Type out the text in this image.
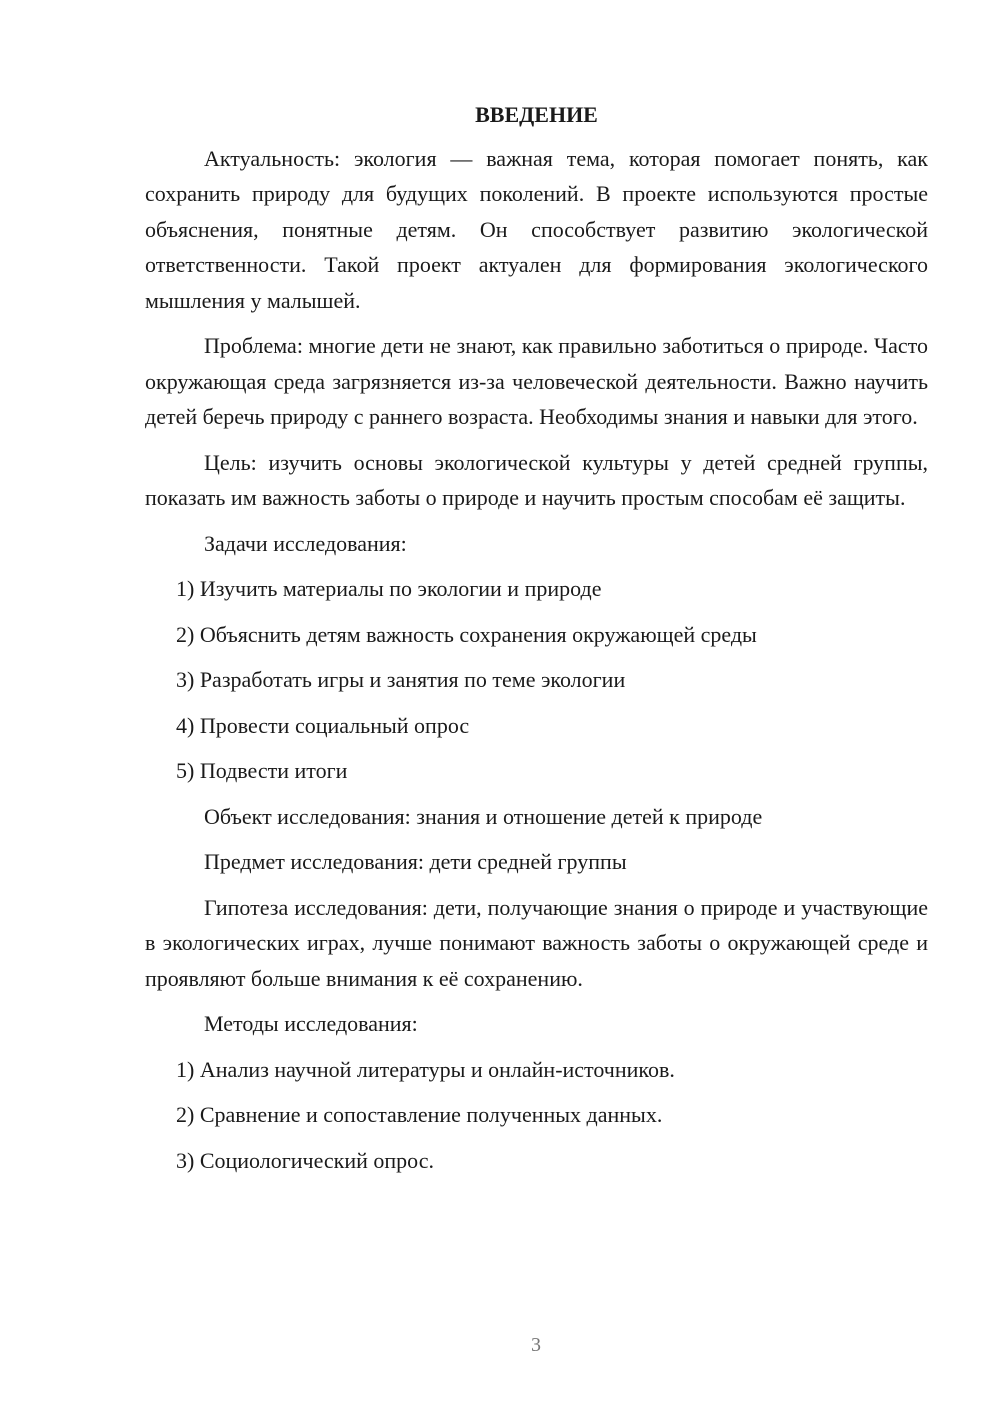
ВВЕДЕНИЕ

Актуальность: экология — важная тема, которая помогает понять, как сохранить природу для будущих поколений. В проекте используются простые объяснения, понятные детям. Он способствует развитию экологической ответственности. Такой проект актуален для формирования экологического мышления у малышей.

Проблема: многие дети не знают, как правильно заботиться о природе. Часто окружающая среда загрязняется из-за человеческой деятельности. Важно научить детей беречь природу с раннего возраста. Необходимы знания и навыки для этого.

Цель: изучить основы экологической культуры у детей средней группы, показать им важность заботы о природе и научить простым способам её защиты.

Задачи исследования:
1) Изучить материалы по экологии и природе
2) Объяснить детям важность сохранения окружающей среды
3) Разработать игры и занятия по теме экологии
4) Провести социальный опрос
5) Подвести итоги
Объект исследования: знания и отношение детей к природе
Предмет исследования: дети средней группы

Гипотеза исследования: дети, получающие знания о природе и участвующие в экологических играх, лучше понимают важность заботы о окружающей среде и проявляют больше внимания к её сохранению.

Методы исследования:
1) Анализ научной литературы и онлайн-источников.
2) Сравнение и сопоставление полученных данных.
3) Социологический опрос.
3
